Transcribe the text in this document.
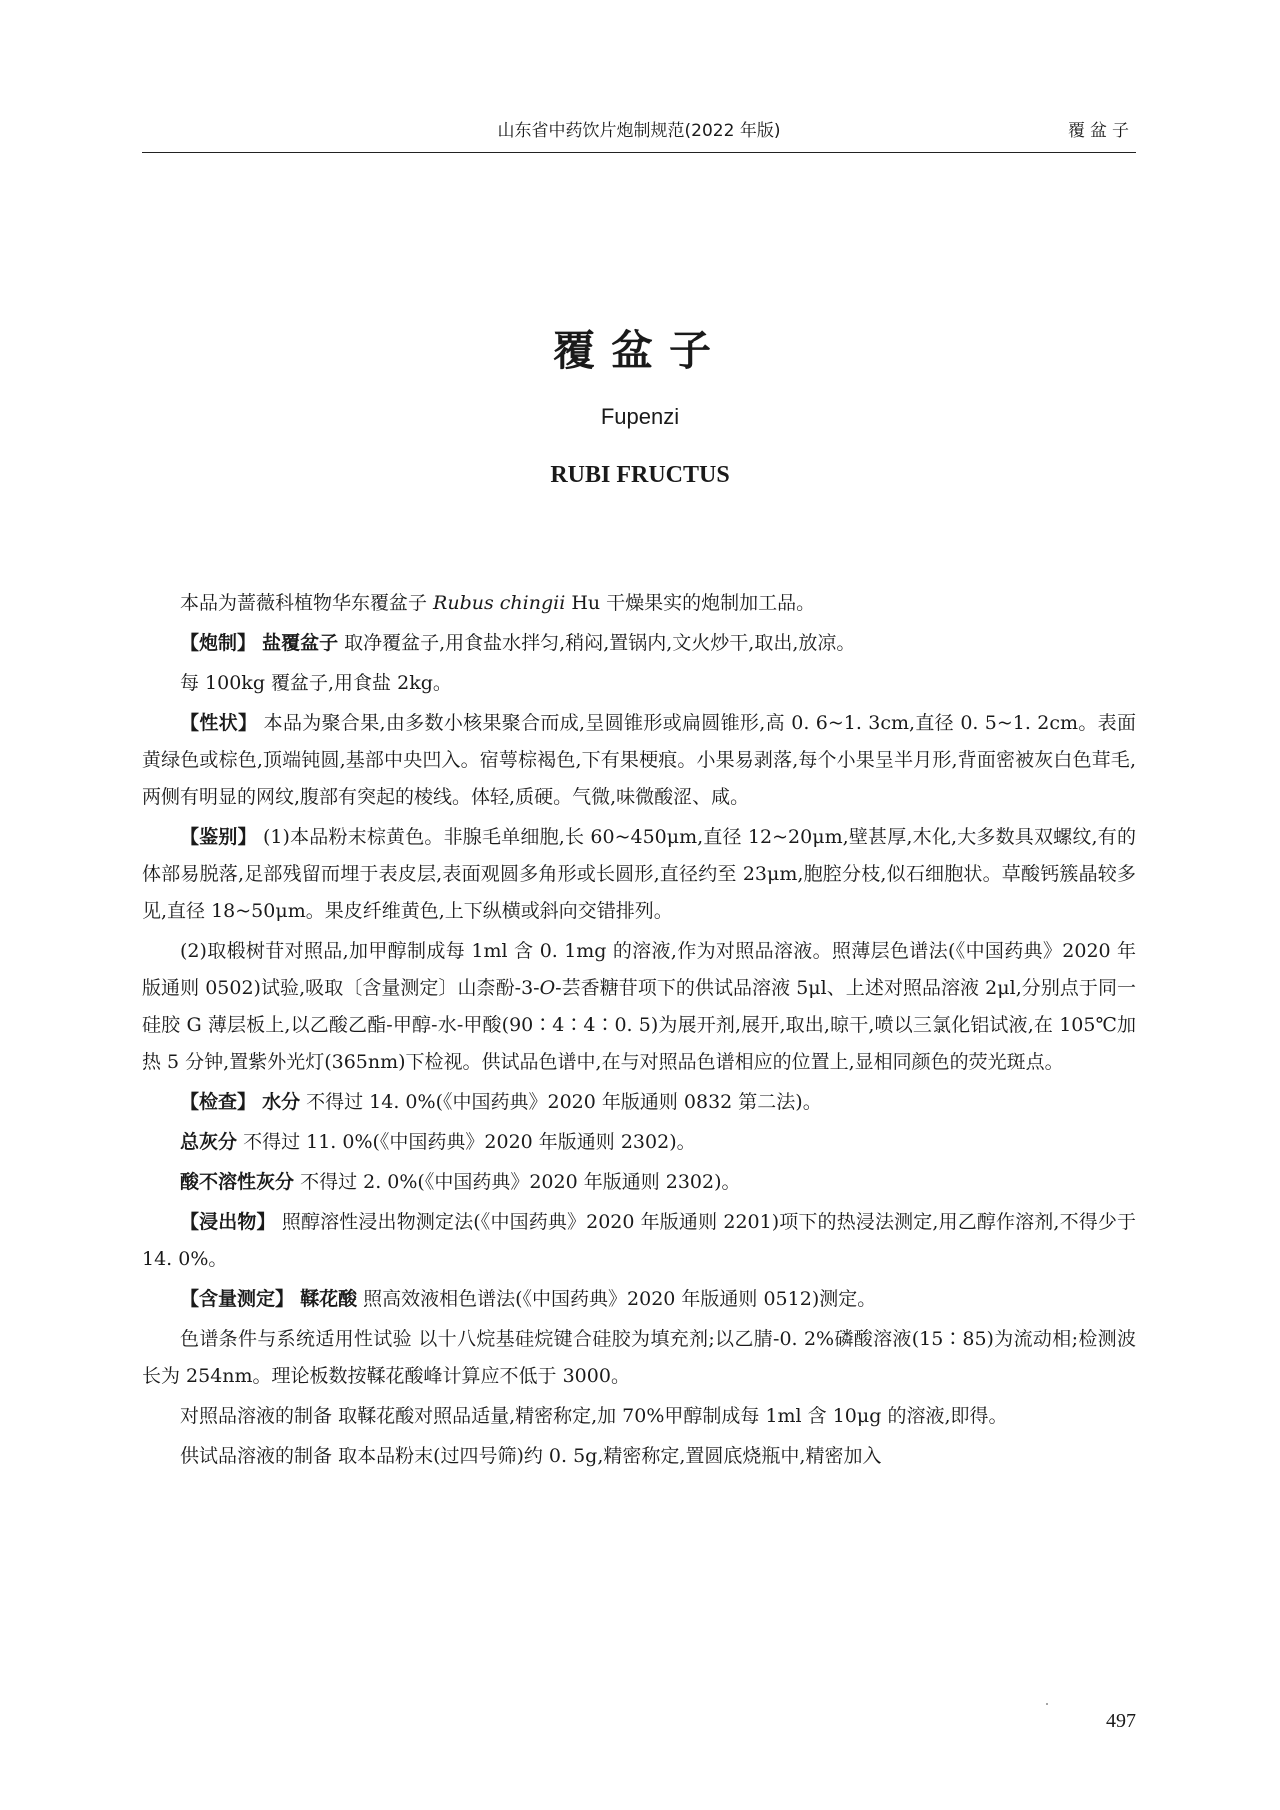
山东省中药饮片炮制规范(2022 年版)	覆盆子
覆盆子
Fupenzi
RUBI FRUCTUS

本品为蔷薇科植物华东覆盆子 Rubus chingii Hu 干燥果实的炮制加工品。

【炮制】 盐覆盆子 取净覆盆子,用食盐水拌匀,稍闷,置锅内,文火炒干,取出,放凉。

每 100kg 覆盆子,用食盐 2kg。

【性状】 本品为聚合果,由多数小核果聚合而成,呈圆锥形或扁圆锥形,高 0. 6~1. 3cm,直径 0. 5~1. 2cm。表面黄绿色或棕色,顶端钝圆,基部中央凹入。宿萼棕褐色,下有果梗痕。小果易剥落,每个小果呈半月形,背面密被灰白色茸毛,两侧有明显的网纹,腹部有突起的棱线。体轻,质硬。气微,味微酸涩、咸。

【鉴别】 (1)本品粉末棕黄色。非腺毛单细胞,长 60~450μm,直径 12~20μm,壁甚厚,木化,大多数具双螺纹,有的体部易脱落,足部残留而埋于表皮层,表面观圆多角形或长圆形,直径约至 23μm,胞腔分枝,似石细胞状。草酸钙簇晶较多见,直径 18~50μm。果皮纤维黄色,上下纵横或斜向交错排列。

(2)取椴树苷对照品,加甲醇制成每 1ml 含 0. 1mg 的溶液,作为对照品溶液。照薄层色谱法(《中国药典》2020 年版通则 0502)试验,吸取〔含量测定〕山柰酚-3-O-芸香糖苷项下的供试品溶液 5μl、上述对照品溶液 2μl,分别点于同一硅胶 G 薄层板上,以乙酸乙酯-甲醇-水-甲酸(90∶4∶4∶0. 5)为展开剂,展开,取出,晾干,喷以三氯化铝试液,在 105℃加热 5 分钟,置紫外光灯(365nm)下检视。供试品色谱中,在与对照品色谱相应的位置上,显相同颜色的荧光斑点。

【检查】 水分 不得过 14. 0%(《中国药典》2020 年版通则 0832 第二法)。

总灰分 不得过 11. 0%(《中国药典》2020 年版通则 2302)。

酸不溶性灰分 不得过 2. 0%(《中国药典》2020 年版通则 2302)。

【浸出物】 照醇溶性浸出物测定法(《中国药典》2020 年版通则 2201)项下的热浸法测定,用乙醇作溶剂,不得少于 14. 0%。

【含量测定】 鞣花酸 照高效液相色谱法(《中国药典》2020 年版通则 0512)测定。

色谱条件与系统适用性试验 以十八烷基硅烷键合硅胶为填充剂;以乙腈-0. 2%磷酸溶液(15∶85)为流动相;检测波长为 254nm。理论板数按鞣花酸峰计算应不低于 3000。

对照品溶液的制备 取鞣花酸对照品适量,精密称定,加 70%甲醇制成每 1ml 含 10μg 的溶液,即得。

供试品溶液的制备 取本品粉末(过四号筛)约 0. 5g,精密称定,置圆底烧瓶中,精密加入

497
